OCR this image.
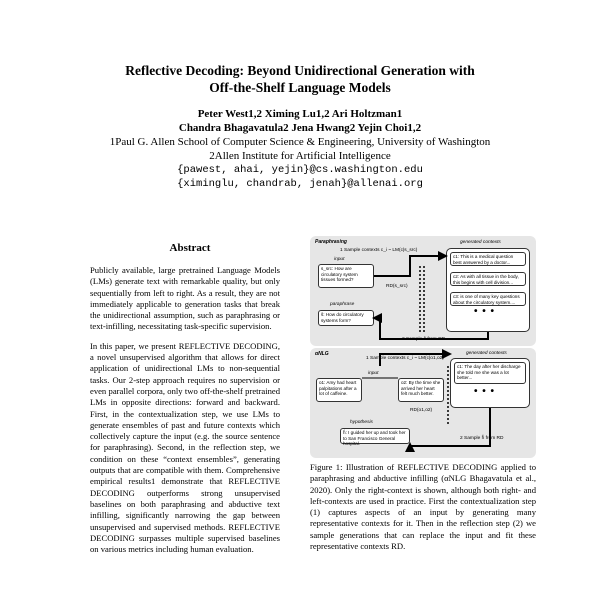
Reflective Decoding: Beyond Unidirectional Generation with
Off-the-Shelf Language Models
Peter West1,2 Ximing Lu1,2 Ari Holtzman1
Chandra Bhagavatula2 Jena Hwang2 Yejin Choi1,2
1Paul G. Allen School of Computer Science & Engineering, University of Washington
2Allen Institute for Artificial Intelligence
{pawest, ahai, yejin}@cs.washington.edu
{ximinglu, chandrab, jenah}@allenai.org
Abstract

Publicly available, large pretrained Language Models (LMs) generate text with remarkable quality, but only sequentially from left to right. As a result, they are not immediately applicable to generation tasks that break the unidirectional assumption, such as paraphrasing or text-infilling, necessitating task-specific supervision.

In this paper, we present REFLECTIVE DECODING, a novel unsupervised algorithm that allows for direct application of unidirectional LMs to non-sequential tasks. Our 2-step approach requires no supervision or even parallel corpora, only two off-the-shelf pretrained LMs in opposite directions: forward and backward. First, in the contextualization step, we use LMs to generate ensembles of past and future contexts which collectively capture the input (e.g. the source sentence for paraphrasing). Second, in the reflection step, we condition on these “context ensembles”, generating outputs that are compatible with them. Comprehensive empirical results1 demonstrate that REFLECTIVE DECODING outperforms strong unsupervised baselines on both paraphrasing and abductive text infilling, significantly narrowing the gap between unsupervised and supervised methods. REFLECTIVE DECODING surpasses multiple supervised baselines on various metrics including human evaluation.

Paraphrasing
1 Sample contexts c_i ~ LM(c|s_src)
generated contexts
c1: This is a medical question best answered by a doctor...
c2: As with all tissue in the body, this begins with cell division...
c3: is one of many key questions about the circulatory system....
• • •
input
s_src: How are circulatory system tissues formed?
RD(s_src)
paraphrase
ŝ: How do circulatory systems form?
2 Sample ŝ from RD
αNLG
1 Sample contexts c_i ~ LM(c|o1,o2)
generated contexts
c1: The day after her discharge she told me she was a lot better...
• • •
input
o1: Amy had heart palpitations after a lot of caffeine.
o2: By the time she arrived her heart felt much better.
RD(o1,o2)
hypothesis
ĥ: I guided her up and took her to San Francisco General hospital.
2 Sample ĥ from RD
Figure 1: Illustration of REFLECTIVE DECODING applied to paraphrasing and abductive infilling (αNLG Bhagavatula et al., 2020). Only the right-context is shown, although both right- and left-contexts are used in practice. First the contextualization step (1) captures aspects of an input by generating many representative contexts for it. Then in the reflection step (2) we sample generations that can replace the input and fit these representative contexts RD.
